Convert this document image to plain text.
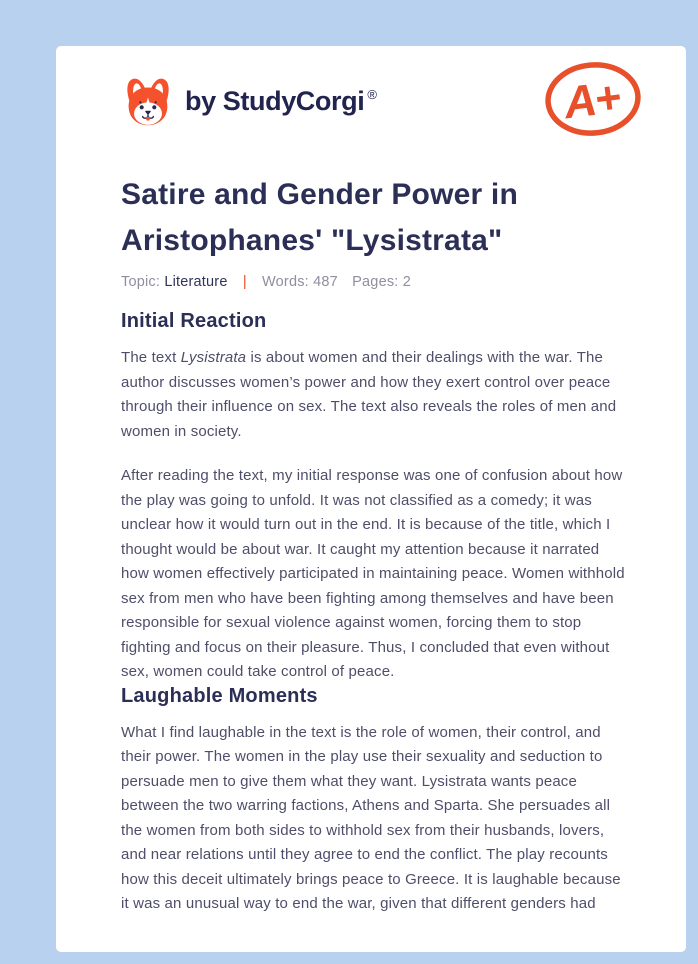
by StudyCorgi ®	A+
Satire and Gender Power in Aristophanes' "Lysistrata"
Topic: Literature | Words: 487 Pages: 2
Initial Reaction

The text Lysistrata is about women and their dealings with the war. The author discusses women’s power and how they exert control over peace through their influence on sex. The text also reveals the roles of men and women in society.

After reading the text, my initial response was one of confusion about how the play was going to unfold. It was not classified as a comedy; it was unclear how it would turn out in the end. It is because of the title, which I thought would be about war. It caught my attention because it narrated how women effectively participated in maintaining peace. Women withhold sex from men who have been fighting among themselves and have been responsible for sexual violence against women, forcing them to stop fighting and focus on their pleasure. Thus, I concluded that even without sex, women could take control of peace.

Laughable Moments

What I find laughable in the text is the role of women, their control, and their power. The women in the play use their sexuality and seduction to persuade men to give them what they want. Lysistrata wants peace between the two warring factions, Athens and Sparta. She persuades all the women from both sides to withhold sex from their husbands, lovers, and near relations until they agree to end the conflict. The play recounts how this deceit ultimately brings peace to Greece. It is laughable because it was an unusual way to end the war, given that different genders had
